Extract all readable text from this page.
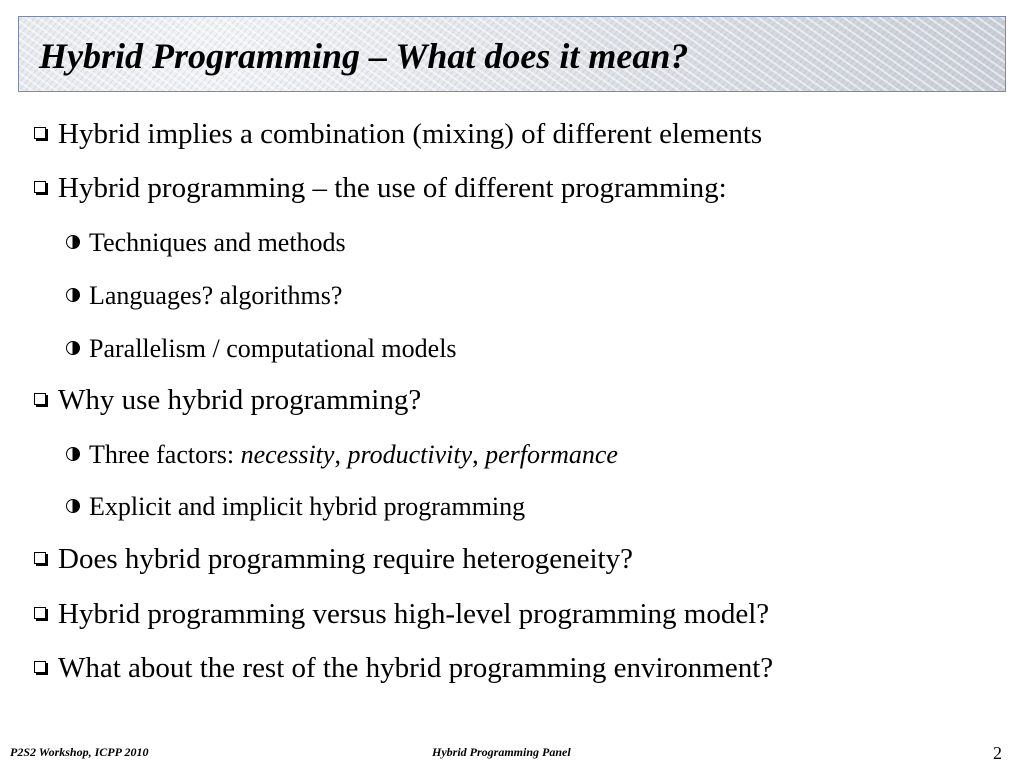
Hybrid Programming – What does it mean?
Hybrid implies a combination (mixing) of different elements
Hybrid programming – the use of different programming:
Techniques and methods
Languages? algorithms?
Parallelism / computational models
Why use hybrid programming?
Three factors: necessity, productivity, performance
Explicit and implicit hybrid programming
Does hybrid programming require heterogeneity?
Hybrid programming versus high-level programming model?
What about the rest of the hybrid programming environment?
P2S2 Workshop, ICPP 2010	Hybrid Programming Panel	2
